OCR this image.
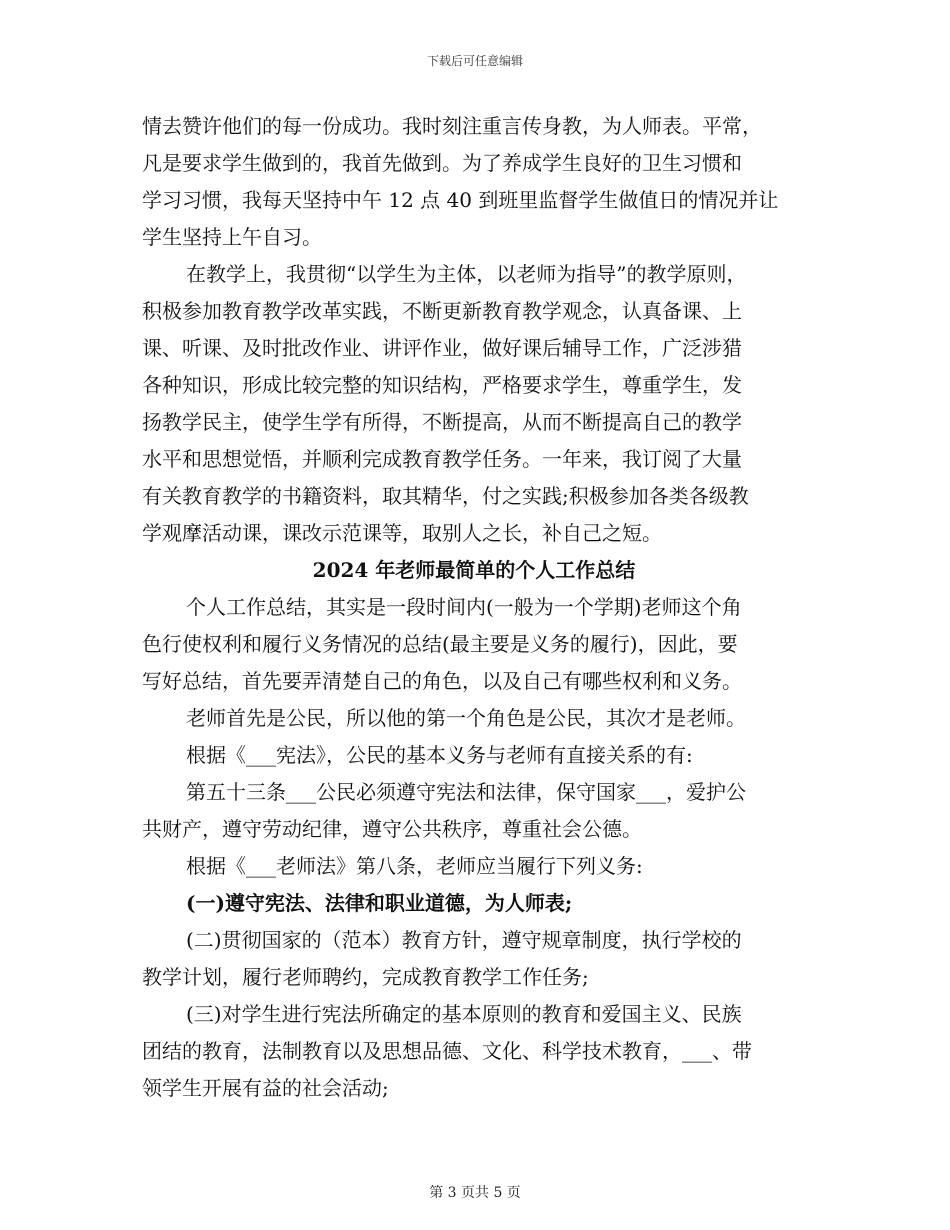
下载后可任意编辑
情去赞许他们的每一份成功。我时刻注重言传身教，为人师表。平常，
凡是要求学生做到的，我首先做到。为了养成学生良好的卫生习惯和
学习习惯，我每天坚持中午 12 点 40 到班里监督学生做值日的情况并让
学生坚持上午自习。
在教学上，我贯彻“以学生为主体，以老师为指导”的教学原则，
积极参加教育教学改革实践，不断更新教育教学观念，认真备课、上
课、听课、及时批改作业、讲评作业，做好课后辅导工作，广泛涉猎
各种知识，形成比较完整的知识结构，严格要求学生，尊重学生，发
扬教学民主，使学生学有所得，不断提高，从而不断提高自己的教学
水平和思想觉悟，并顺利完成教育教学任务。一年来，我订阅了大量
有关教育教学的书籍资料，取其精华，付之实践;积极参加各类各级教
学观摩活动课，课改示范课等，取别人之长，补自己之短。
2024 年老师最简单的个人工作总结
个人工作总结，其实是一段时间内(一般为一个学期)老师这个角
色行使权利和履行义务情况的总结(最主要是义务的履行)，因此，要
写好总结，首先要弄清楚自己的角色，以及自己有哪些权利和义务。
老师首先是公民，所以他的第一个角色是公民，其次才是老师。
根据《___宪法》，公民的基本义务与老师有直接关系的有:
第五十三条___公民必须遵守宪法和法律，保守国家___，爱护公
共财产，遵守劳动纪律，遵守公共秩序，尊重社会公德。
根据《___老师法》第八条，老师应当履行下列义务:
(一)遵守宪法、法律和职业道德，为人师表;
(二)贯彻国家的（范本）教育方针，遵守规章制度，执行学校的
教学计划，履行老师聘约，完成教育教学工作任务;
(三)对学生进行宪法所确定的基本原则的教育和爱国主义、民族
团结的教育，法制教育以及思想品德、文化、科学技术教育，___、带
领学生开展有益的社会活动;
第 3 页共 5 页
